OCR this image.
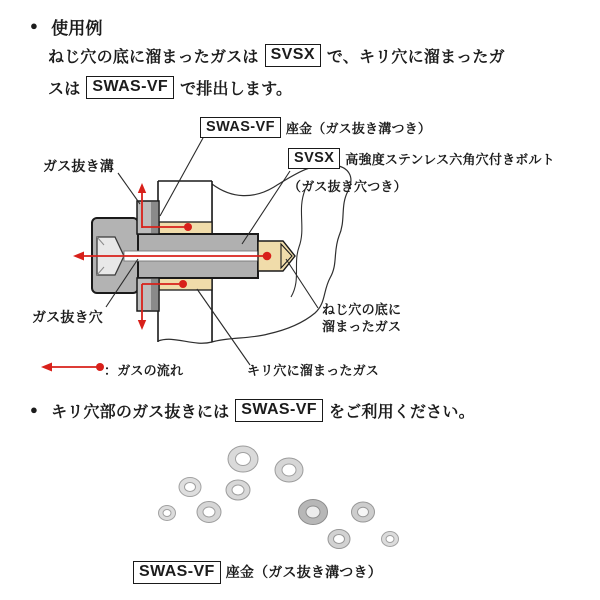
● 使用例
ねじ穴の底に溜まったガスは SVSX で、キリ穴に溜まったガ
スは SWAS-VF で排出します。
SWAS-VF 座金（ガス抜き溝つき）
SVSX 高強度ステンレス六角穴付きボルト
（ガス抜き穴つき）
ガス抜き溝
ガス抜き穴	ねじ穴の底に
溜まったガス
キリ穴に溜まったガス
：ガスの流れ
● キリ穴部のガス抜きには SWAS-VF をご利用ください。
SWAS-VF 座金（ガス抜き溝つき）
